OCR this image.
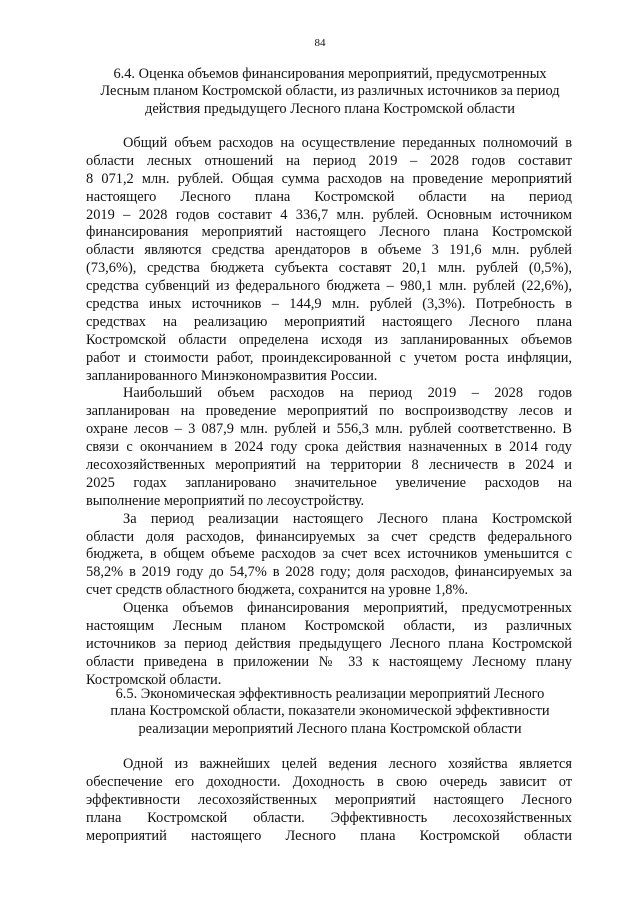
84
6.4. Оценка объемов финансирования мероприятий, предусмотренных
Лесным планом Костромской области, из различных источников за период
действия предыдущего Лесного плана Костромской области
Общий объем расходов на осуществление переданных полномочий в
области лесных отношений на период 2019 – 2028 годов составит
8 071,2 млн. рублей. Общая сумма расходов на проведение мероприятий
настоящего Лесного плана Костромской области на период
2019 – 2028 годов составит 4 336,7 млн. рублей. Основным источником
финансирования мероприятий настоящего Лесного плана Костромской
области являются средства арендаторов в объеме 3 191,6 млн. рублей
(73,6%), средства бюджета субъекта составят 20,1 млн. рублей (0,5%),
средства субвенций из федерального бюджета – 980,1 млн. рублей (22,6%),
средства иных источников – 144,9 млн. рублей (3,3%). Потребность в
средствах на реализацию мероприятий настоящего Лесного плана
Костромской области определена исходя из запланированных объемов
работ и стоимости работ, проиндексированной с учетом роста инфляции,
запланированного Минэкономразвития России.
Наибольший объем расходов на период 2019 – 2028 годов
запланирован на проведение мероприятий по воспроизводству лесов и
охране лесов – 3 087,9 млн. рублей и 556,3 млн. рублей соответственно. В
связи с окончанием в 2024 году срока действия назначенных в 2014 году
лесохозяйственных мероприятий на территории 8 лесничеств в 2024 и
2025 годах запланировано значительное увеличение расходов на
выполнение мероприятий по лесоустройству.
За период реализации настоящего Лесного плана Костромской
области доля расходов, финансируемых за счет средств федерального
бюджета, в общем объеме расходов за счет всех источников уменьшится с
58,2% в 2019 году до 54,7% в 2028 году; доля расходов, финансируемых за
счет средств областного бюджета, сохранится на уровне 1,8%.
Оценка объемов финансирования мероприятий, предусмотренных
настоящим Лесным планом Костромской области, из различных
источников за период действия предыдущего Лесного плана Костромской
области приведена в приложении № 33 к настоящему Лесному плану
Костромской области.
6.5. Экономическая эффективность реализации мероприятий Лесного
плана Костромской области, показатели экономической эффективности
реализации мероприятий Лесного плана Костромской области
Одной из важнейших целей ведения лесного хозяйства является
обеспечение его доходности. Доходность в свою очередь зависит от
эффективности лесохозяйственных мероприятий настоящего Лесного
плана Костромской области. Эффективность лесохозяйственных
мероприятий настоящего Лесного плана Костромской области
